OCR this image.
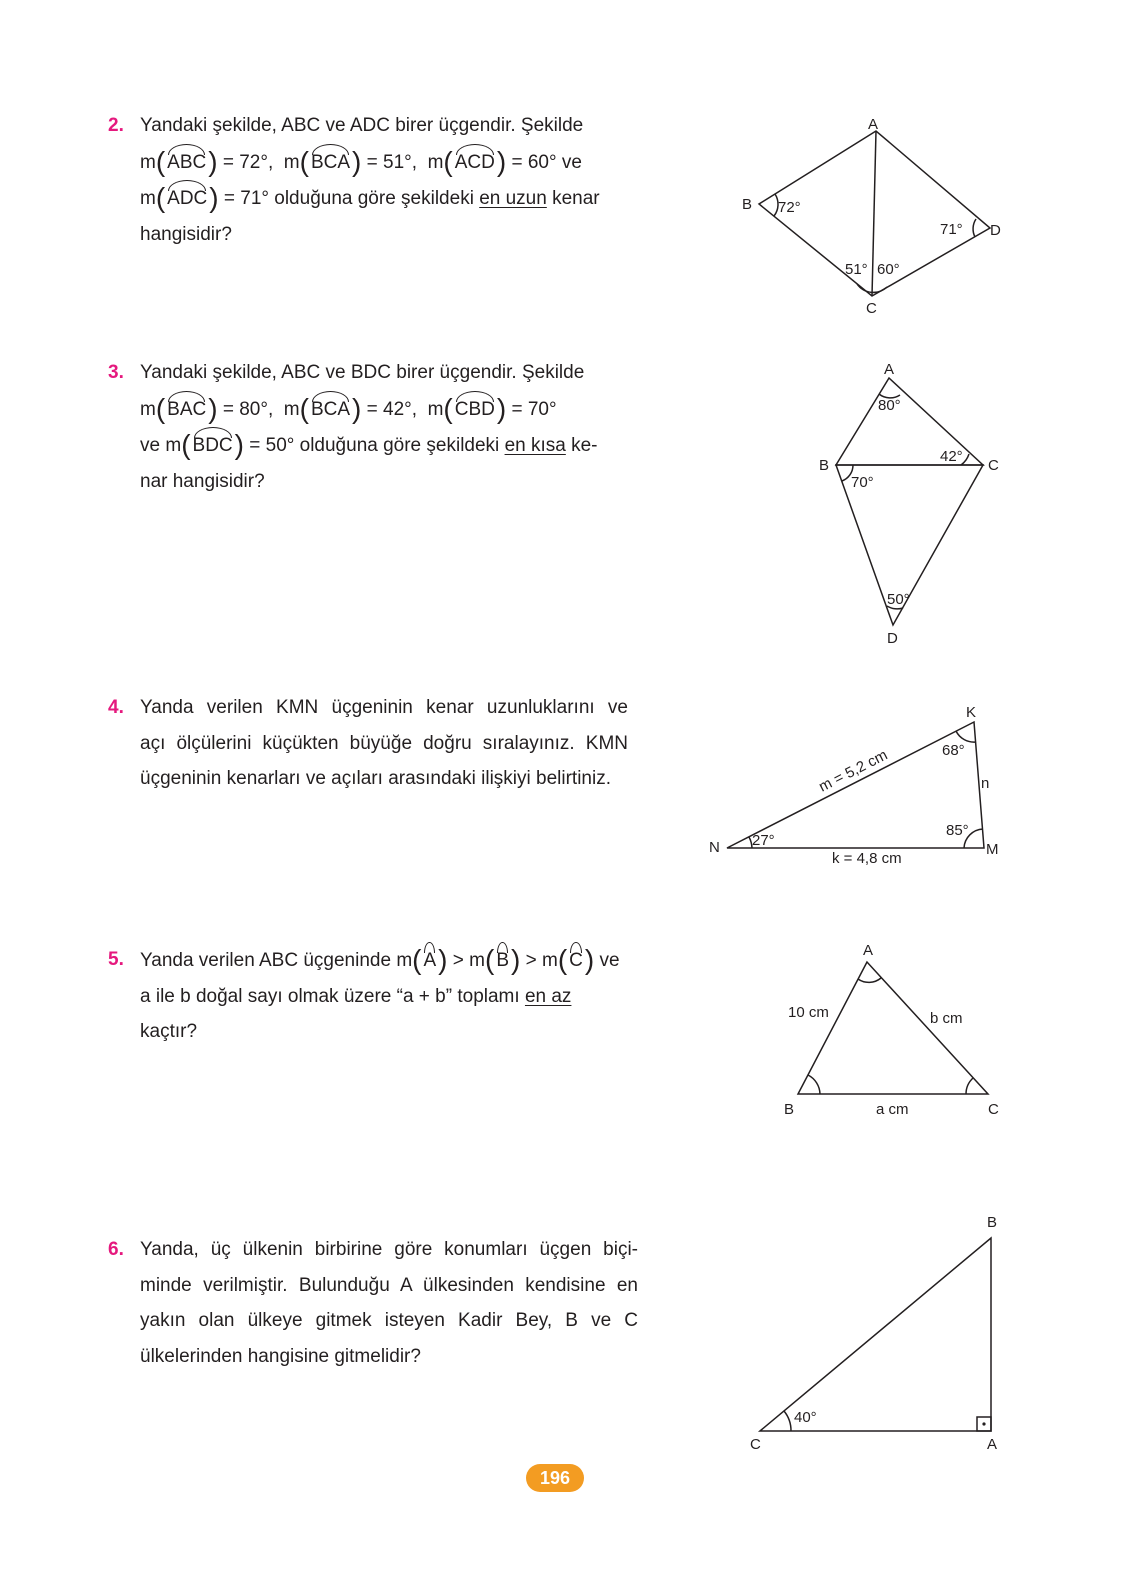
2. Yandaki şekilde, ABC ve ADC birer üçgendir. Şekilde
m( ABC) = 72°, m( BCA) = 51°, m( ACD) = 60° ve
m( ADC) = 71° olduğuna göre şekildeki en uzun kenar
hangisidir?
3. Yandaki şekilde, ABC ve BDC birer üçgendir. Şekilde
m( BAC) = 80°, m( BCA) = 42°, m( CBD) = 70°
ve m( BDC) = 50° olduğuna göre şekildeki en kısa ke-
nar hangisidir?
4. Yanda verilen KMN üçgeninin kenar uzunluklarını ve
açı ölçülerini küçükten büyüğe doğru sıralayınız. KMN
üçgeninin kenarları ve açıları arasındaki ilişkiyi belirtiniz.
5. Yanda verilen ABC üçgeninde m( A) > m( B) > m( C) ve
a ile b doğal sayı olmak üzere “a + b” toplamı en az
kaçtır?
6. Yanda, üç ülkenin birbirine göre konumları üçgen biçi-
minde verilmiştir. Bulunduğu A ülkesinden kendisine en
yakın olan ülkeye gitmek isteyen Kadir Bey, B ve C
ülkelerinden hangisine gitmelidir?
A
B
C
D
72°
71°
51° 60°
A
B	C
D
80°
42°
70°
50°
K
M
N
n
k = 4,8 cm
m = 5,2 cm	68°
85°
27°
A
B	C
10 cm	b cm
a cm
B
C	A
40°
196
